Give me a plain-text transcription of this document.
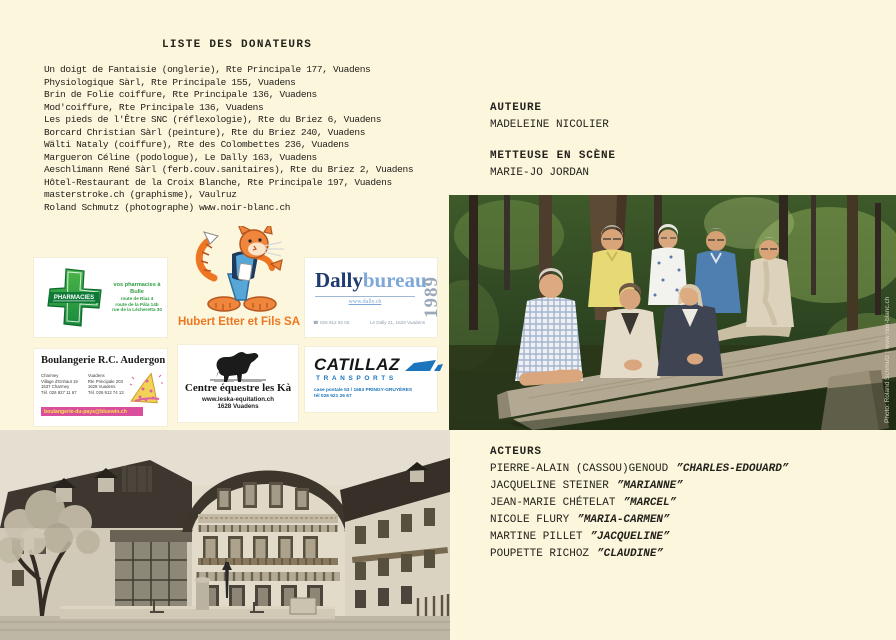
LISTE DES DONATEURS
Un doigt de Fantaisie (onglerie), Rte Principale 177, Vuadens
Physiologique Sàrl, Rte Principale 155, Vuadens
Brin de Folie coiffure, Rte Principale 136, Vuadens
Mod'coiffure, Rte Principale 136, Vuadens
Les pieds de l'Être SNC (réflexologie), Rte du Briez 6, Vuadens
Borcard Christian Sàrl (peinture), Rte du Briez 240, Vuadens
Wälti Nataly (coiffure), Rte des Colombettes 236, Vuadens
Margueron Céline (podologue), Le Dally 163, Vuadens
Aeschlimann René Sàrl (ferb.couv.sanitaires), Rte du Briez 2, Vuadens
Hôtel-Restaurant de la Croix Blanche, Rte Principale 197, Vuadens
masterstroke.ch (graphisme), Vaulruz
Roland Schmutz (photographe) www.noir-blanc.ch
AUTEURE
MADELEINE NICOLIER
METTEUSE EN SCÈNE
MARIE-JO JORDAN
ACTEURS
PIERRE-ALAIN (CASSOU)GENOUD ”CHARLES-EDOUARD”
JACQUELINE STEINER ”MARIANNE”
JEAN-MARIE CHÉTELAT ”MARCEL”
NICOLE FLURY ”MARIA-CARMEN”
MARTINE PILLET ”JACQUELINE”
POUPETTE RICHOZ ”CLAUDINE”
PHARMACIES
vos pharmacies à Bulle
route de Riaz 4
route de la Pâla 14b
rue de la Lécheretta 30
Hubert Etter et Fils SA
Dallybureau
www.dally.ch
☎ 026 912 92 05	Le Dally 21, 1628 Vuadens
1989
Boulangerie R.C. Audergon
Charmey
Village d'Enhaut 19
1637 Charmey
Tél. 026 927 11 67
Vuadens
Rte Principale 203
1628 Vuadens
Tél. 026 912 74 13
boulangerie-du-pays@bluewin.ch
Centre équestre les Kà
www.leska-equitation.ch
1628 Vuadens
CATILLAZ
TRANSPORTS
case postale 53 / 1663 PRINGY-GRUYÈRES
tél 026 921 26 67	Photo: Roland Schmutz | www.noir-blanc.ch
